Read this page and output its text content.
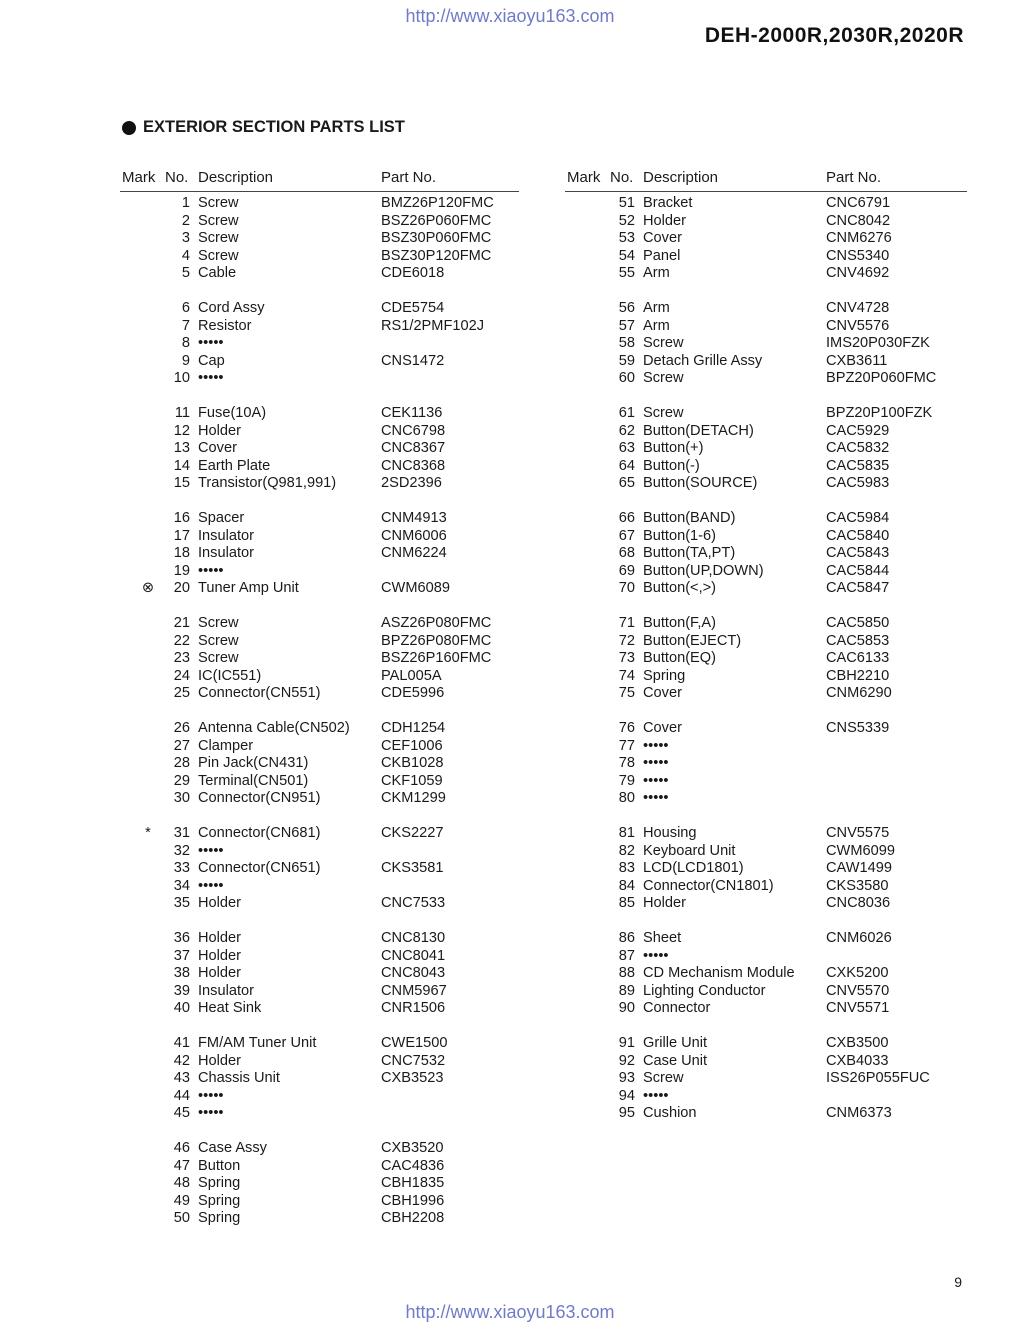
http://www.xiaoyu163.com
DEH-2000R,2030R,2020R
EXTERIOR SECTION PARTS LIST
Mark No. Description	Part No.
1 Screw	BMZ26P120FMC
2 Screw	BSZ26P060FMC
3 Screw	BSZ30P060FMC
4 Screw	BSZ30P120FMC
5 Cable	CDE6018
6 Cord Assy	CDE5754
7 Resistor	RS1/2PMF102J
8 •••••
9 Cap	CNS1472
10 •••••
11 Fuse(10A)	CEK1136
12 Holder	CNC6798
13 Cover	CNC8367
14 Earth Plate	CNC8368
15 Transistor(Q981,991)	2SD2396
16 Spacer	CNM4913
17 Insulator	CNM6006
18 Insulator	CNM6224
19 •••••
⊗	20 Tuner Amp Unit	CWM6089
21 Screw	ASZ26P080FMC
22 Screw	BPZ26P080FMC
23 Screw	BSZ26P160FMC
24 IC(IC551)	PAL005A
25 Connector(CN551)	CDE5996
26 Antenna Cable(CN502) CDH1254
27 Clamper	CEF1006
28 Pin Jack(CN431)	CKB1028
29 Terminal(CN501)	CKF1059
30 Connector(CN951)	CKM1299
*	31 Connector(CN681)	CKS2227
32 •••••
33 Connector(CN651)	CKS3581
34 •••••
35 Holder	CNC7533
36 Holder	CNC8130
37 Holder	CNC8041
38 Holder	CNC8043
39 Insulator	CNM5967
40 Heat Sink	CNR1506
41 FM/AM Tuner Unit	CWE1500
42 Holder	CNC7532
43 Chassis Unit	CXB3523
44 •••••
45 •••••
46 Case Assy	CXB3520
47 Button	CAC4836
48 Spring	CBH1835
49 Spring	CBH1996
50 Spring	CBH2208
Mark No. Description	Part No.
51 Bracket	CNC6791
52 Holder	CNC8042
53 Cover	CNM6276
54 Panel	CNS5340
55 Arm	CNV4692
56 Arm	CNV4728
57 Arm	CNV5576
58 Screw	IMS20P030FZK
59 Detach Grille Assy	CXB3611
60 Screw	BPZ20P060FMC
61 Screw	BPZ20P100FZK
62 Button(DETACH)	CAC5929
63 Button(+)	CAC5832
64 Button(-)	CAC5835
65 Button(SOURCE)	CAC5983
66 Button(BAND)	CAC5984
67 Button(1-6)	CAC5840
68 Button(TA,PT)	CAC5843
69 Button(UP,DOWN)	CAC5844
70 Button(<,>)	CAC5847
71 Button(F,A)	CAC5850
72 Button(EJECT)	CAC5853
73 Button(EQ)	CAC6133
74 Spring	CBH2210
75 Cover	CNM6290
76 Cover	CNS5339
77 •••••
78 •••••
79 •••••
80 •••••
81 Housing	CNV5575
82 Keyboard Unit	CWM6099
83 LCD(LCD1801)	CAW1499
84 Connector(CN1801)	CKS3580
85 Holder	CNC8036
86 Sheet	CNM6026
87 •••••
88 CD Mechanism Module CXK5200
89 Lighting Conductor	CNV5570
90 Connector	CNV5571
91 Grille Unit	CXB3500
92 Case Unit	CXB4033
93 Screw	ISS26P055FUC
94 •••••
95 Cushion	CNM6373
9
http://www.xiaoyu163.com
